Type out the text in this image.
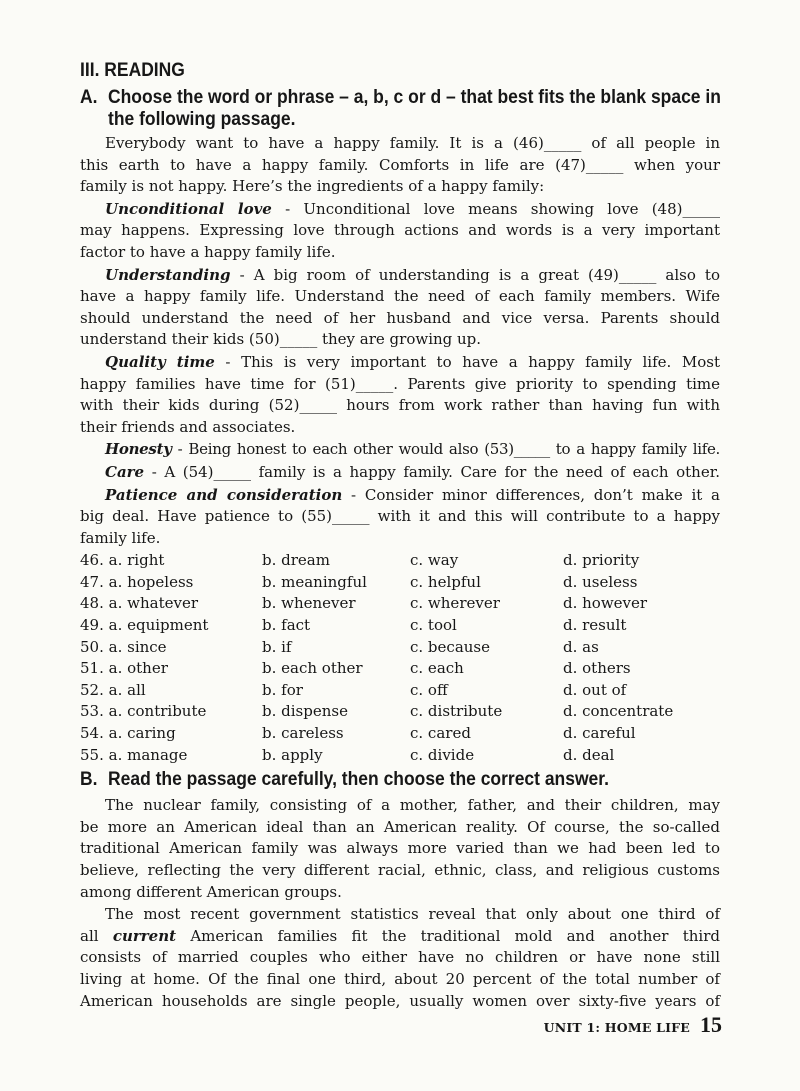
III. READING
A. Choose the word or phrase – a, b, c or d – that best fits the blank space in
the following passage.
Everybody want to have a happy family. It is a (46)_____ of all people in
this earth to have a happy family. Comforts in life are (47)_____ when your
family is not happy. Here’s the ingredients of a happy family:
Unconditional love - Unconditional love means showing love (48)_____
may happens. Expressing love through actions and words is a very important
factor to have a happy family life.
Understanding - A big room of understanding is a great (49)_____ also to
have a happy family life. Understand the need of each family members. Wife
should understand the need of her husband and vice versa. Parents should
understand their kids (50)_____ they are growing up.
Quality time - This is very important to have a happy family life. Most
happy families have time for (51)_____. Parents give priority to spending time
with their kids during (52)_____ hours from work rather than having fun with
their friends and associates.
Honesty - Being honest to each other would also (53)_____ to a happy family life.
Care - A (54)_____ family is a happy family. Care for the need of each other.
Patience and consideration - Consider minor differences, don’t make it a
big deal. Have patience to (55)_____ with it and this will contribute to a happy
family life.
46. a. right	b. dream	c. way	d. priority
47. a. hopeless	b. meaningful	c. helpful	d. useless
48. a. whatever	b. whenever	c. wherever	d. however
49. a. equipment	b. fact	c. tool	d. result
50. a. since	b. if	c. because	d. as
51. a. other	b. each other	c. each	d. others
52. a. all	b. for	c. off	d. out of
53. a. contribute	b. dispense	c. distribute	d. concentrate
54. a. caring	b. careless	c. cared	d. careful
55. a. manage	b. apply	c. divide	d. deal
B. Read the passage carefully, then choose the correct answer.
The nuclear family, consisting of a mother, father, and their children, may
be more an American ideal than an American reality. Of course, the so-called
traditional American family was always more varied than we had been led to
believe, reflecting the very different racial, ethnic, class, and religious customs
among different American groups.
The most recent government statistics reveal that only about one third of
all current American families fit the traditional mold and another third
consists of married couples who either have no children or have none still
living at home. Of the final one third, about 20 percent of the total number of
American households are single people, usually women over sixty-five years of
UNIT 1: HOME LIFE 15
